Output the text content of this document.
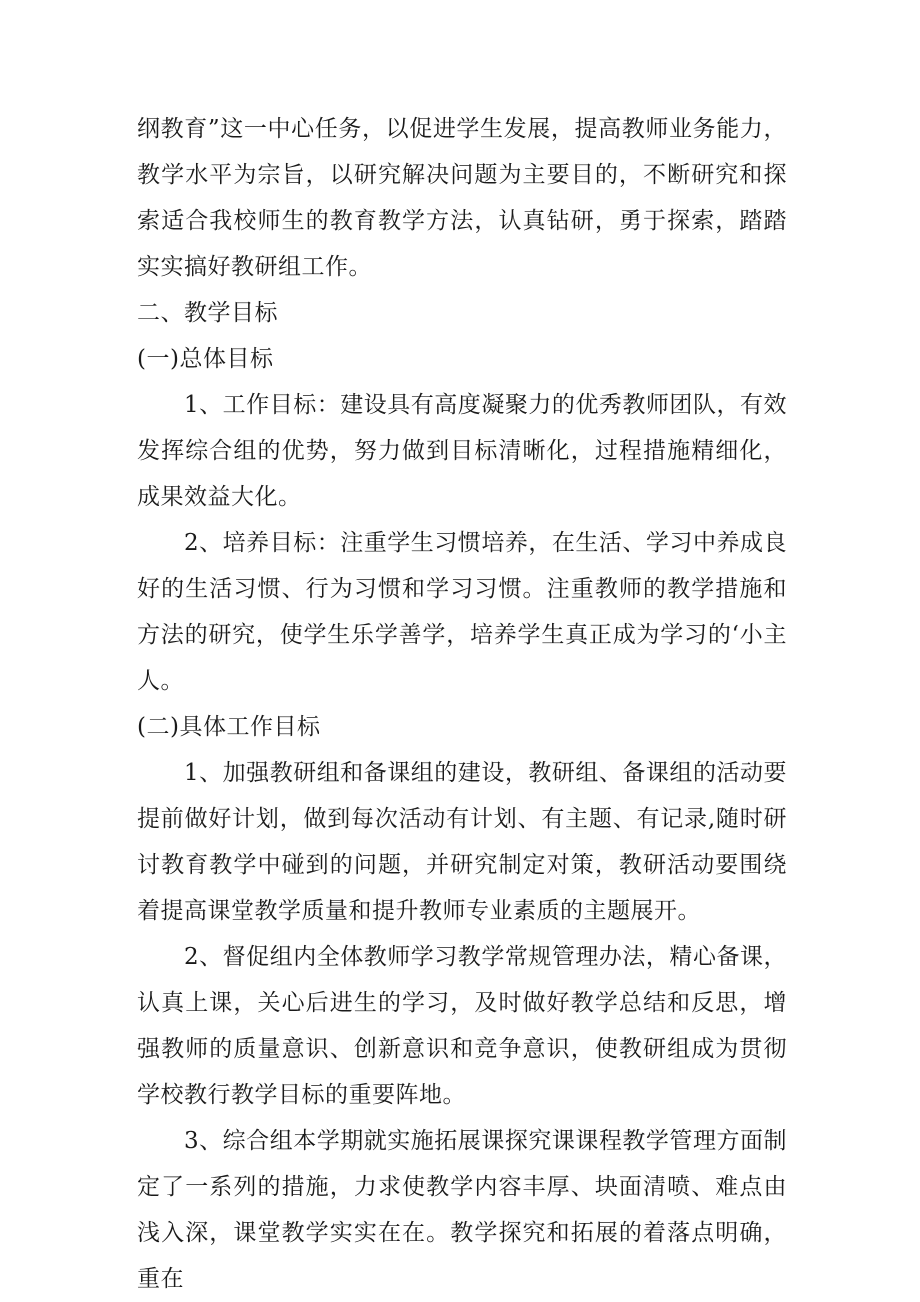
纲教育”这一中心任务，以促进学生发展，提高教师业务能力，教学水平为宗旨，以研究解决问题为主要目的，不断研究和探索适合我校师生的教育教学方法，认真钻研，勇于探索，踏踏实实搞好教研组工作。

二、教学目标

(一)总体目标

1、工作目标：建设具有高度凝聚力的优秀教师团队，有效发挥综合组的优势，努力做到目标清晰化，过程措施精细化，成果效益大化。

2、培养目标：注重学生习惯培养，在生活、学习中养成良好的生活习惯、行为习惯和学习习惯。注重教师的教学措施和方法的研究，使学生乐学善学，培养学生真正成为学习的‘小主人。

(二)具体工作目标

1、加强教研组和备课组的建设，教研组、备课组的活动要提前做好计划，做到每次活动有计划、有主题、有记录,随时研讨教育教学中碰到的问题，并研究制定对策，教研活动要围绕着提高课堂教学质量和提升教师专业素质的主题展开。

2、督促组内全体教师学习教学常规管理办法，精心备课，认真上课，关心后进生的学习，及时做好教学总结和反思，增强教师的质量意识、创新意识和竞争意识，使教研组成为贯彻学校教行教学目标的重要阵地。

3、综合组本学期就实施拓展课探究课课程教学管理方面制定了一系列的措施，力求使教学内容丰厚、块面清喷、难点由浅入深，课堂教学实实在在。教学探究和拓展的着落点明确，重在
